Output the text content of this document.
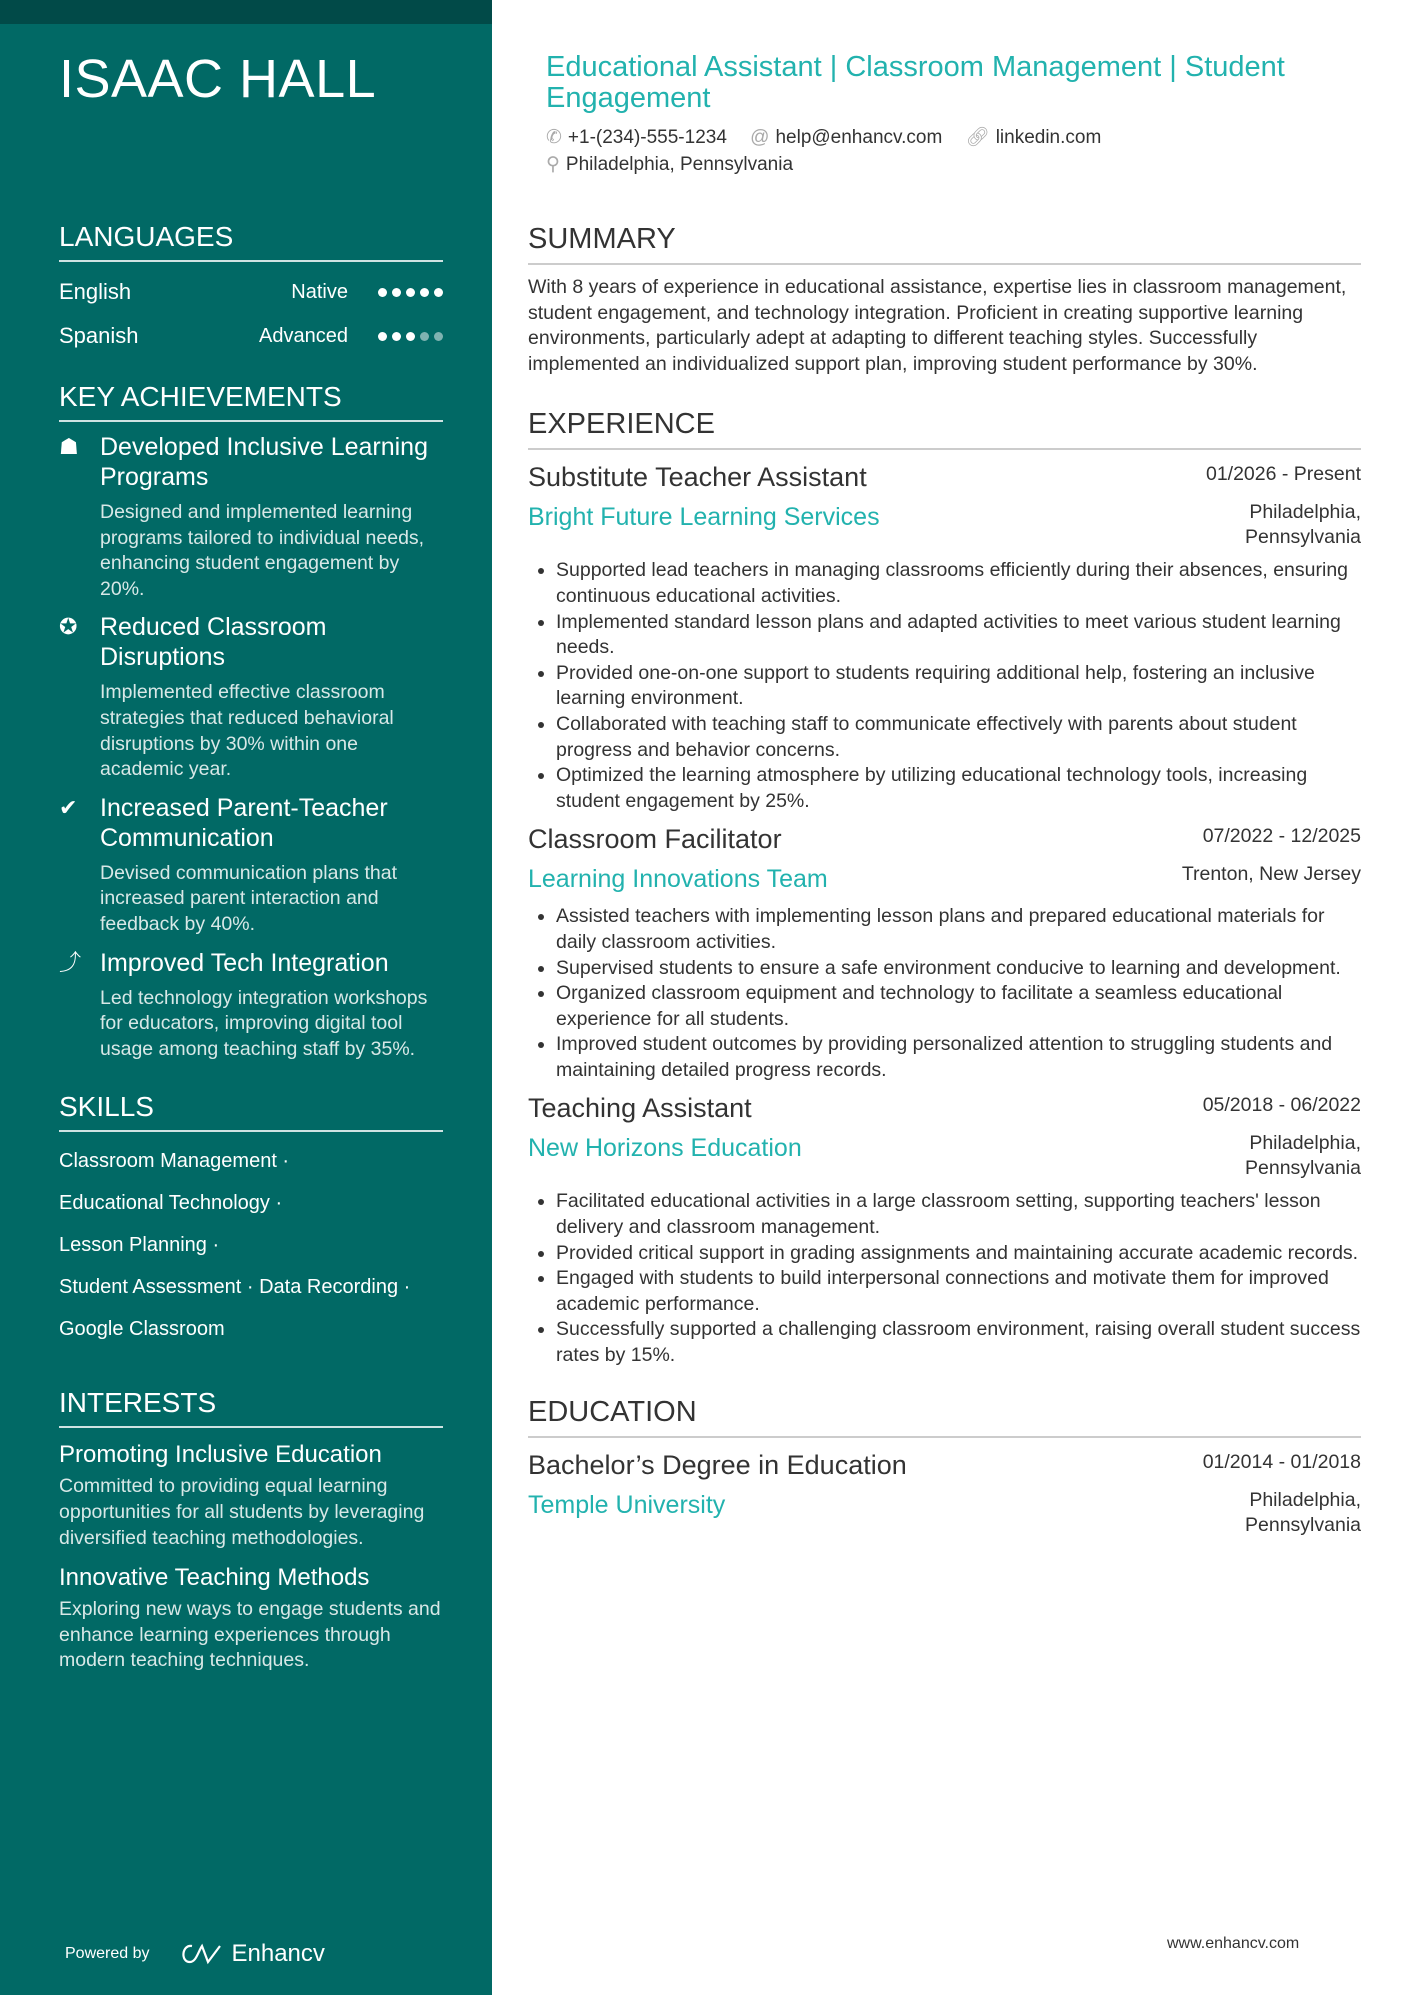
ISAAC HALL
LANGUAGES
English	Native
Spanish	Advanced
KEY ACHIEVEMENTS
☗ Developed Inclusive Learning Programs
Designed and implemented learning programs tailored to individual needs, enhancing student engagement by 20%.
✪ Reduced Classroom Disruptions
Implemented effective classroom strategies that reduced behavioral disruptions by 30% within one academic year.
✔ Increased Parent-Teacher Communication
Devised communication plans that increased parent interaction and feedback by 40%.
⤴ Improved Tech Integration
Led technology integration workshops for educators, improving digital tool usage among teaching staff by 35%.
SKILLS
Classroom Management ·
Educational Technology ·
Lesson Planning ·
Student Assessment · Data Recording ·
Google Classroom
INTERESTS
Promoting Inclusive Education
Committed to providing equal learning opportunities for all students by leveraging diversified teaching methodologies.
Innovative Teaching Methods
Exploring new ways to engage students and enhance learning experiences through modern teaching techniques.
Powered by	Enhancv
Educational Assistant | Classroom Management | Student Engagement
✆ +1-(234)-555-1234 @ help@enhancv.com 🔗︎ linkedin.com
⚲ Philadelphia, Pennsylvania
SUMMARY
With 8 years of experience in educational assistance, expertise lies in classroom management, student engagement, and technology integration. Proficient in creating supportive learning environments, particularly adept at adapting to different teaching styles. Successfully implemented an individualized support plan, improving student performance by 30%.
EXPERIENCE
Substitute Teacher Assistant	01/2026 - Present
Bright Future Learning Services	Philadelphia, Pennsylvania
• Supported lead teachers in managing classrooms efficiently during their absences, ensuring continuous educational activities.
• Implemented standard lesson plans and adapted activities to meet various student learning needs.
• Provided one-on-one support to students requiring additional help, fostering an inclusive learning environment.
• Collaborated with teaching staff to communicate effectively with parents about student progress and behavior concerns.
• Optimized the learning atmosphere by utilizing educational technology tools, increasing student engagement by 25%.
Classroom Facilitator	07/2022 - 12/2025
Learning Innovations Team	Trenton, New Jersey
• Assisted teachers with implementing lesson plans and prepared educational materials for daily classroom activities.
• Supervised students to ensure a safe environment conducive to learning and development.
• Organized classroom equipment and technology to facilitate a seamless educational experience for all students.
• Improved student outcomes by providing personalized attention to struggling students and maintaining detailed progress records.
Teaching Assistant	05/2018 - 06/2022
New Horizons Education	Philadelphia, Pennsylvania
• Facilitated educational activities in a large classroom setting, supporting teachers' lesson delivery and classroom management.
• Provided critical support in grading assignments and maintaining accurate academic records.
• Engaged with students to build interpersonal connections and motivate them for improved academic performance.
• Successfully supported a challenging classroom environment, raising overall student success rates by 15%.
EDUCATION
Bachelor’s Degree in Education	01/2014 - 01/2018
Temple University	Philadelphia, Pennsylvania
www.enhancv.com
